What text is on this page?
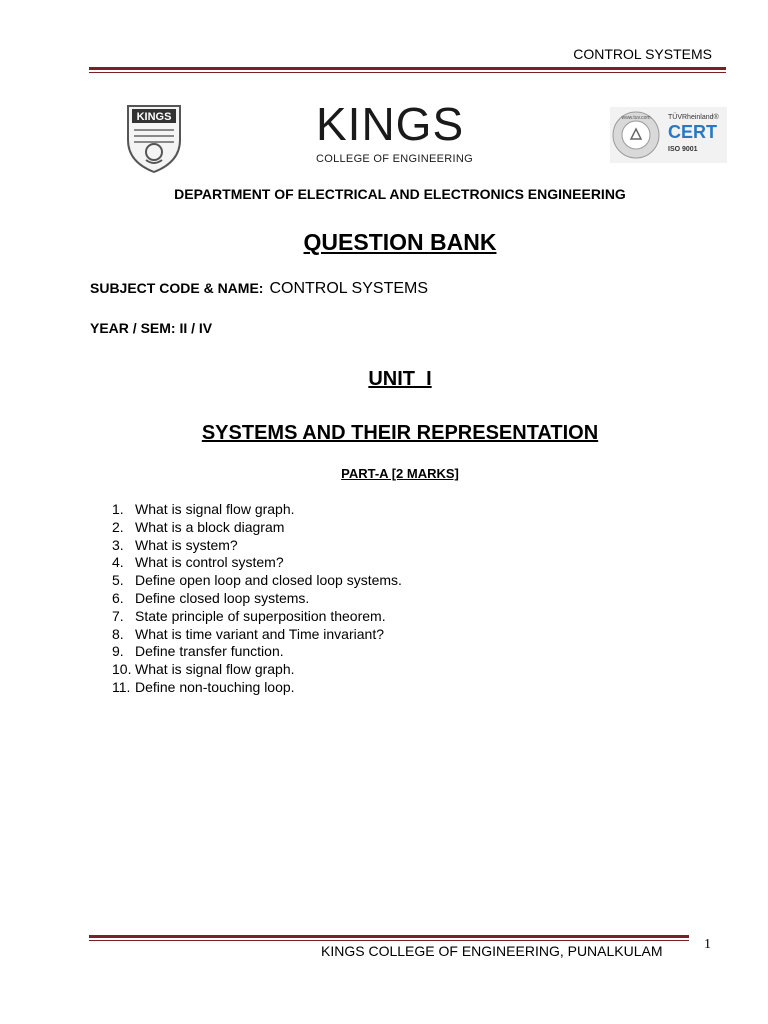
CONTROL SYSTEMS
KINGS	KINGS
COLLEGE OF ENGINEERING
www.tuv.com TÜVRheinland®
CERT
ISO 9001
DEPARTMENT OF ELECTRICAL AND ELECTRONICS ENGINEERING
QUESTION BANK
SUBJECT CODE & NAME: CONTROL SYSTEMS
YEAR / SEM: II / IV
UNIT  I
SYSTEMS AND THEIR REPRESENTATION
PART-A [2 MARKS]
1. What is signal flow graph.
2. What is a block diagram
3. What is system?
4. What is control system?
5. Define open loop and closed loop systems.
6. Define closed loop systems.
7. State principle of superposition theorem.
8. What is time variant and Time invariant?
9. Define transfer function.
10. What is signal flow graph.
11. Define non-touching loop.
KINGS COLLEGE OF ENGINEERING, PUNALKULAM	1
